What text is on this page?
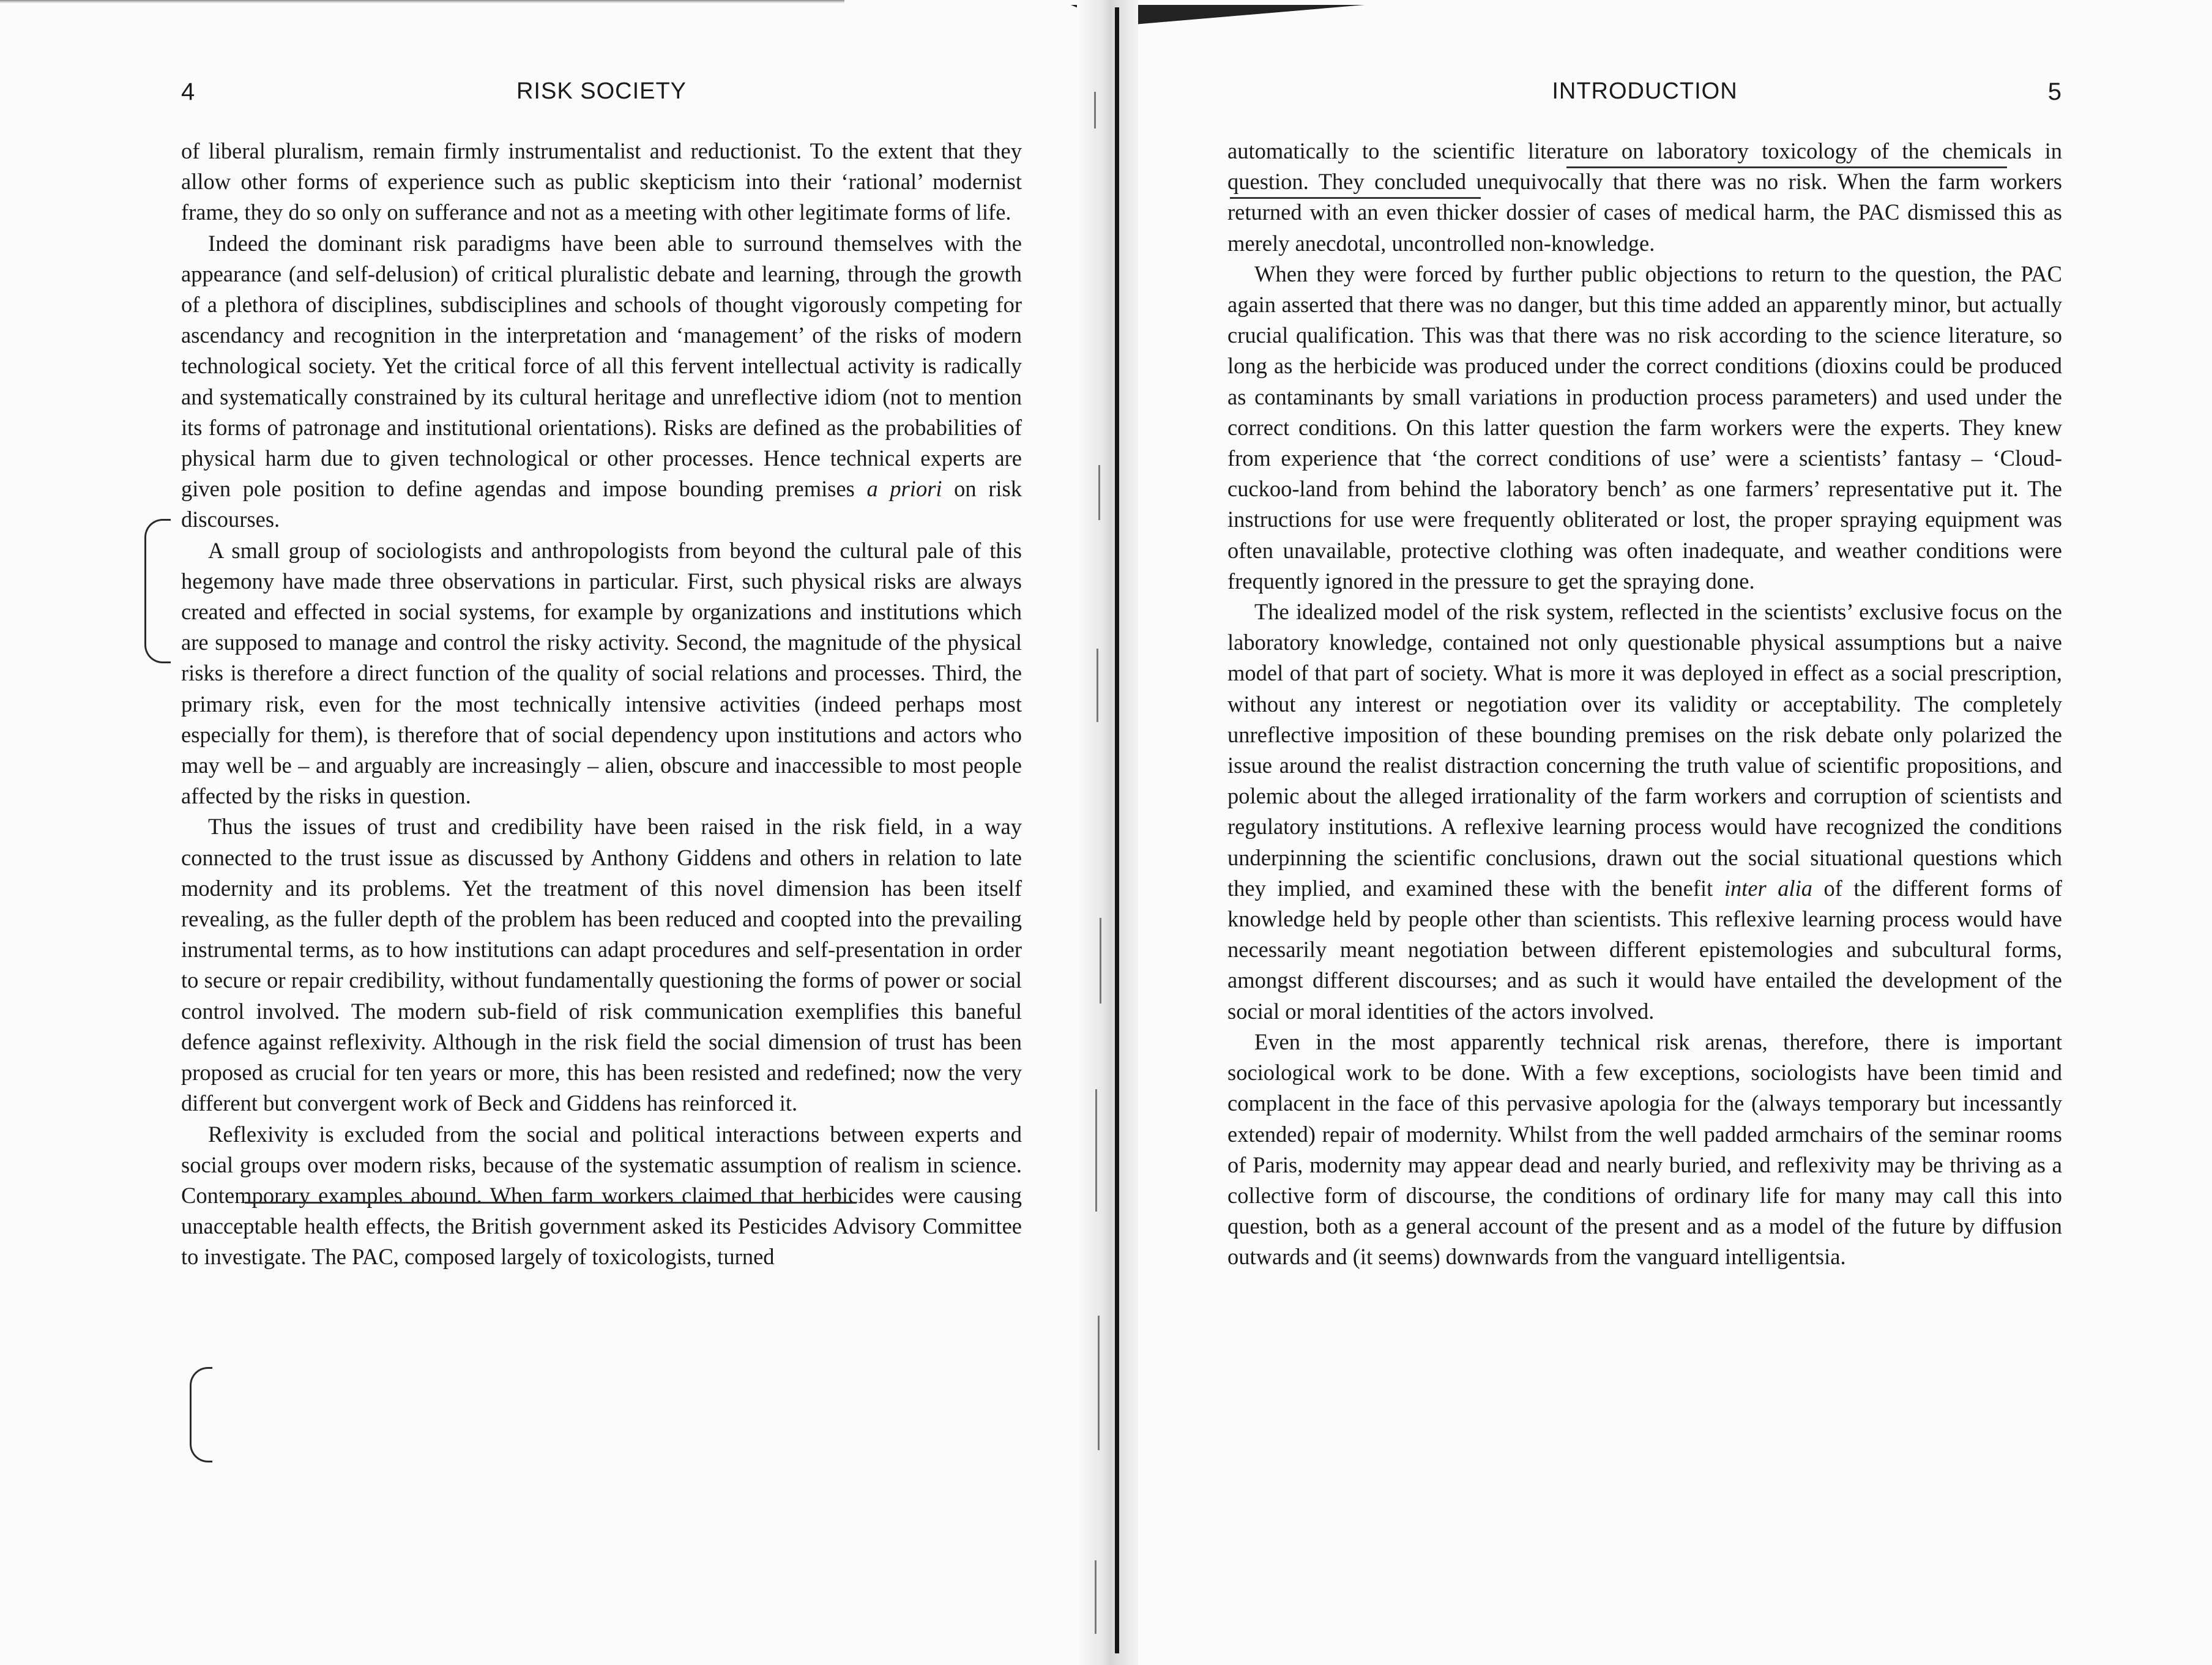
4	RISK SOCIETY

of liberal pluralism, remain firmly instrumentalist and reductionist. To the extent that they allow other forms of experience such as public skepticism into their ‘rational’ modernist frame, they do so only on sufferance and not as a meeting with other legitimate forms of life.

Indeed the dominant risk paradigms have been able to surround themselves with the appearance (and self-delusion) of critical pluralistic debate and learning, through the growth of a plethora of disciplines, subdisciplines and schools of thought vigorously competing for ascendancy and recognition in the interpretation and ‘management’ of the risks of modern technological society. Yet the critical force of all this fervent intellectual activity is radically and systematically constrained by its cultural heritage and unreflective idiom (not to mention its forms of patronage and institutional orientations). Risks are defined as the probabilities of physical harm due to given technological or other processes. Hence technical experts are given pole position to define agendas and impose bounding premises a priori on risk discourses.

A small group of sociologists and anthropologists from beyond the cultural pale of this hegemony have made three observations in particular. First, such physical risks are always created and effected in social systems, for example by organizations and institutions which are supposed to manage and control the risky activity. Second, the magnitude of the physical risks is therefore a direct function of the quality of social relations and processes. Third, the primary risk, even for the most technically intensive activities (indeed perhaps most especially for them), is therefore that of social dependency upon institutions and actors who may well be – and arguably are increasingly – alien, obscure and inaccessible to most people affected by the risks in question.

Thus the issues of trust and credibility have been raised in the risk field, in a way connected to the trust issue as discussed by Anthony Giddens and others in relation to late modernity and its problems. Yet the treatment of this novel dimension has been itself revealing, as the fuller depth of the problem has been reduced and coopted into the prevailing instrumental terms, as to how institutions can adapt procedures and self-presentation in order to secure or repair credibility, without fundamentally questioning the forms of power or social control involved. The modern sub-field of risk communication exemplifies this baneful defence against reflexivity. Although in the risk field the social dimension of trust has been proposed as crucial for ten years or more, this has been resisted and redefined; now the very different but convergent work of Beck and Giddens has reinforced it.

Reflexivity is excluded from the social and political interactions between experts and social groups over modern risks, because of the systematic assumption of realism in science. Contemporary examples abound. When farm workers claimed that herbicides were causing unacceptable health effects, the British government asked its Pesticides Advisory Committee to investigate. The PAC, composed largely of toxicologists, turned

INTRODUCTION	5

automatically to the scientific literature on laboratory toxicology of the chemicals in question. They concluded unequivocally that there was no risk. When the farm workers returned with an even thicker dossier of cases of medical harm, the PAC dismissed this as merely anecdotal, uncontrolled non-knowledge.

When they were forced by further public objections to return to the question, the PAC again asserted that there was no danger, but this time added an apparently minor, but actually crucial qualification. This was that there was no risk according to the science literature, so long as the herbicide was produced under the correct conditions (dioxins could be produced as contaminants by small variations in production process parameters) and used under the correct conditions. On this latter question the farm workers were the experts. They knew from experience that ‘the correct conditions of use’ were a scientists’ fantasy – ‘Cloud-cuckoo-land from behind the laboratory bench’ as one farmers’ representative put it. The instructions for use were frequently obliterated or lost, the proper spraying equipment was often unavailable, protective clothing was often inadequate, and weather conditions were frequently ignored in the pressure to get the spraying done.

The idealized model of the risk system, reflected in the scientists’ exclusive focus on the laboratory knowledge, contained not only questionable physical assumptions but a naive model of that part of society. What is more it was deployed in effect as a social prescription, without any interest or negotiation over its validity or acceptability. The completely unreflective imposition of these bounding premises on the risk debate only polarized the issue around the realist distraction concerning the truth value of scientific propositions, and polemic about the alleged irrationality of the farm workers and corruption of scientists and regulatory institutions. A reflexive learning process would have recognized the conditions underpinning the scientific conclusions, drawn out the social situational questions which they implied, and examined these with the benefit inter alia of the different forms of knowledge held by people other than scientists. This reflexive learning process would have necessarily meant negotiation between different epistemologies and subcultural forms, amongst different discourses; and as such it would have entailed the development of the social or moral identities of the actors involved.

Even in the most apparently technical risk arenas, therefore, there is important sociological work to be done. With a few exceptions, sociologists have been timid and complacent in the face of this pervasive apologia for the (always temporary but incessantly extended) repair of modernity. Whilst from the well padded armchairs of the seminar rooms of Paris, modernity may appear dead and nearly buried, and reflexivity may be thriving as a collective form of discourse, the conditions of ordinary life for many may call this into question, both as a general account of the present and as a model of the future by diffusion outwards and (it seems) downwards from the vanguard intelligentsia.
